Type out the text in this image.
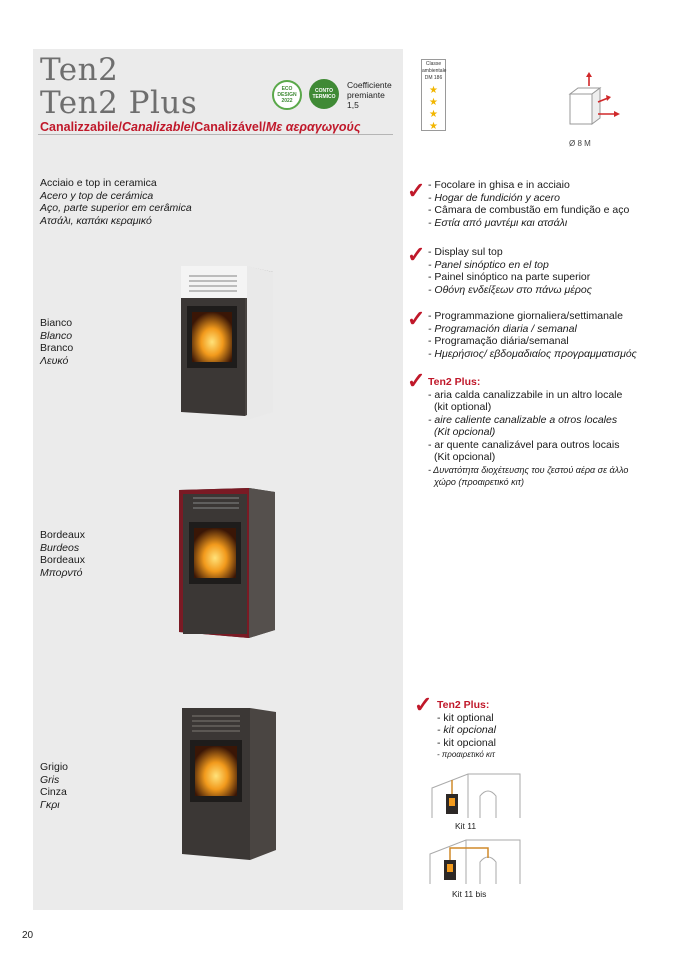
Ten2
Ten2 Plus
Canalizzabile/Canalizable/Canalizável/Με αεραγωγούς
ECO DESIGN 2022
CONTO TERMICO
Coefficiente
premiante
1,5
Classe
ambientale
DM 186
★
★
★
★
Ø 8 M
Acciaio e top in ceramica
Acero y top de cerámica
Aço, parte superior em cerâmica
Ατσάλι, καπάκι κεραμικό
Bianco
Blanco
Branco
Λευκό
Bordeaux
Burdeos
Bordeaux
Μπορντό
Grigio
Gris
Cinza
Γκρι
✓ - Focolare in ghisa e in acciaio
- Hogar de fundición y acero
- Câmara de combustão em fundição e aço
- Εστία από μαντέμι και ατσάλι
✓ - Display sul top
- Panel sinóptico en el top
- Painel sinóptico na parte superior
- Οθόνη ενδείξεων στο πάνω μέρος
✓ - Programmazione giornaliera/settimanale
- Programación diaria / semanal
- Programação diária/semanal
- Ημερήσιος/ εβδομαδιαίος προγραμματισμός
✓ Ten2 Plus:
- aria calda canalizzabile in un altro locale
(kit optional)
- aire caliente canalizable a otros locales
(Kit opcional)
- ar quente canalizável para outros locais
(Kit opcional)
- Δυνατότητα διοχέτευσης του ζεστού αέρα σε άλλο
χώρο (προαιρετικό κιτ)
✓ Ten2 Plus:
- kit optional
- kit opcional
- kit opcional
- προαιρετικό κιτ
Kit 11
Kit 11 bis
20
